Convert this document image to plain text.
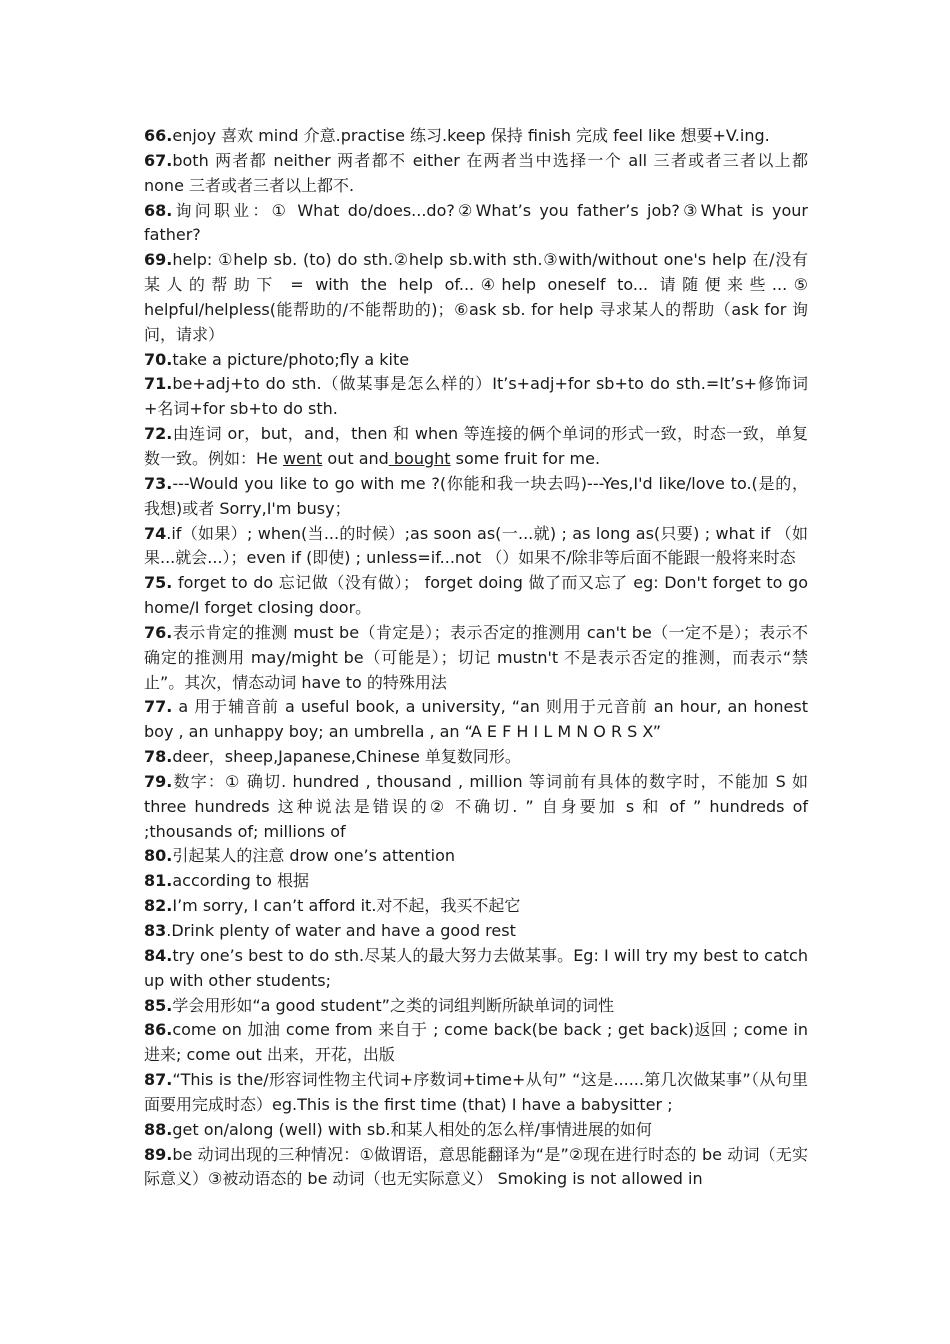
66.enjoy 喜欢 mind 介意.practise 练习.keep 保持 finish 完成 feel like 想要+V.ing.

67.both 两者都 neither 两者都不 either 在两者当中选择一个 all 三者或者三者以上都 none 三者或者三者以上都不.

68.询问职业：① What do/does...do?②What’s you father’s job?③What is your father?

69.help: ①help sb. (to) do sth.②help sb.with sth.③with/without one's help 在/没有某人的帮助下 = with the help of...④help oneself to... 请随便来些...⑤ helpful/helpless(能帮助的/不能帮助的)；⑥ask sb. for help 寻求某人的帮助（ask for 询问，请求）

70.take a picture/photo;fly a kite

71.be+adj+to do sth.（做某事是怎么样的）It’s+adj+for sb+to do sth.=It’s+修饰词+名词+for sb+to do sth.

72.由连词 or，but，and，then 和 when 等连接的俩个单词的形式一致，时态一致，单复数一致。例如：He went out and bought some fruit for me.

73.---Would you like to go with me ?(你能和我一块去吗)---Yes,I'd like/love to.(是的，我想)或者 Sorry,I'm busy；

74.if（如果）; when(当...的时候）;as soon as(一...就) ; as long as(只要) ; what if （如果...就会...）；even if (即使) ; unless=if...not （）如果不/除非等后面不能跟一般将来时态

75. forget to do 忘记做（没有做）； forget doing 做了而又忘了 eg: Don't forget to go home/I forget closing door。

76.表示肯定的推测 must be（肯定是）；表示否定的推测用 can't be（一定不是）；表示不确定的推测用 may/might be（可能是）；切记 mustn't 不是表示否定的推测，而表示“禁止”。其次，情态动词 have to 的特殊用法

77. a 用于辅音前 a useful book, a university, “an 则用于元音前 an hour, an honest boy , an unhappy boy; an umbrella , an “A E F H I L M N O R S X”

78.deer，sheep,Japanese,Chinese 单复数同形。

79.数字：① 确切. hundred , thousand , million 等词前有具体的数字时，不能加 S 如 three hundreds 这种说法是错误的② 不确切. ” 自身要加 s 和 of ” hundreds of ;thousands of; millions of

80.引起某人的注意 drow one’s attention

81.according to 根据

82.I’m sorry, I can’t afford it.对不起，我买不起它

83.Drink plenty of water and have a good rest

84.try one’s best to do sth.尽某人的最大努力去做某事。Eg: I will try my best to catch up with other students;

85.学会用形如“a good student”之类的词组判断所缺单词的词性

86.come on 加油 come from 来自于 ; come back(be back ; get back)返回 ; come in 进来; come out 出来，开花，出版

87.“This is the/形容词性物主代词+序数词+time+从句” “这是......第几次做某事”（从句里面要用完成时态）eg.This is the first time (that) I have a babysitter ;

88.get on/along (well) with sb.和某人相处的怎么样/事情进展的如何

89.be 动词出现的三种情况：①做谓语，意思能翻译为“是”②现在进行时态的 be 动词（无实际意义）③被动语态的 be 动词（也无实际意义） Smoking is not allowed in
